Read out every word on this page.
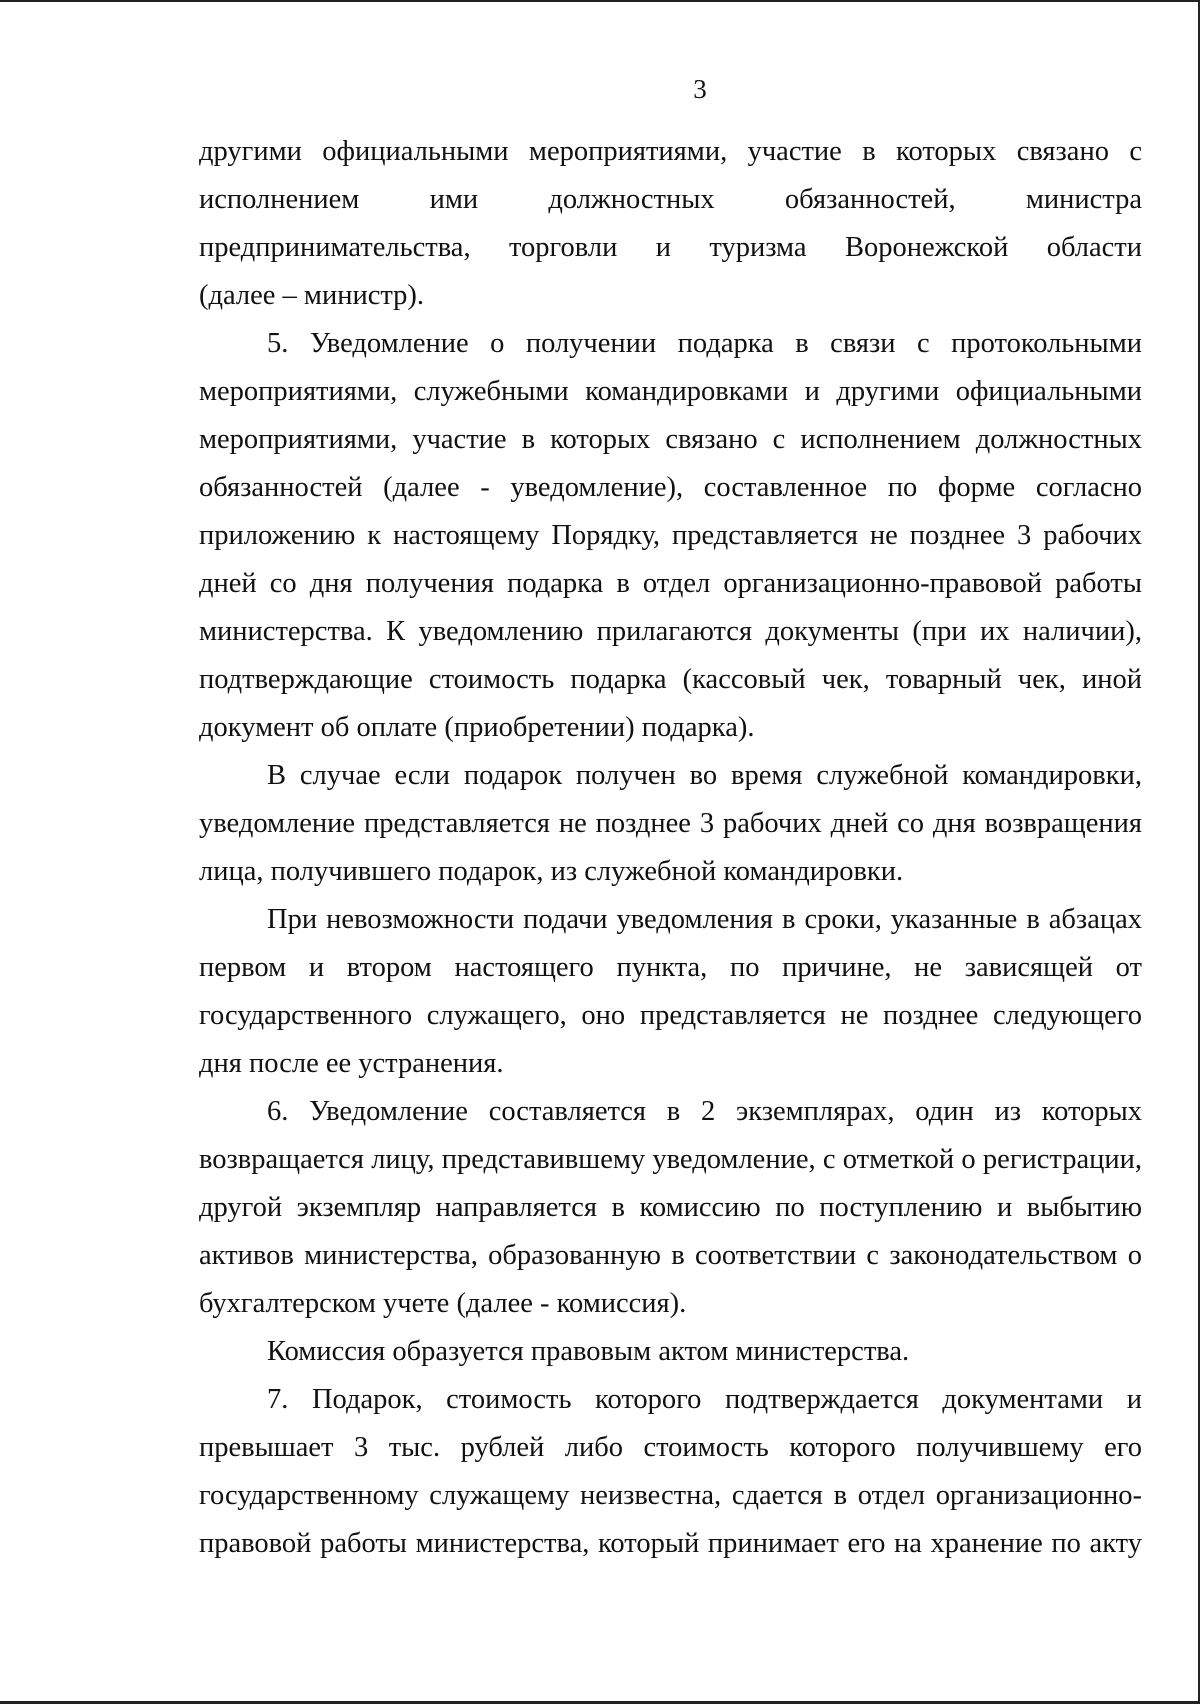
3

другими официальными мероприятиями, участие в которых связано с

исполнением ими должностных обязанностей, министра

предпринимательства, торговли и туризма Воронежской области

(далее – министр).

5. Уведомление о получении подарка в связи с протокольными

мероприятиями, служебными командировками и другими официальными

мероприятиями, участие в которых связано с исполнением должностных

обязанностей (далее - уведомление), составленное по форме согласно

приложению к настоящему Порядку, представляется не позднее 3 рабочих

дней со дня получения подарка в отдел организационно-правовой работы

министерства. К уведомлению прилагаются документы (при их наличии),

подтверждающие стоимость подарка (кассовый чек, товарный чек, иной

документ об оплате (приобретении) подарка).

В случае если подарок получен во время служебной командировки,

уведомление представляется не позднее 3 рабочих дней со дня возвращения

лица, получившего подарок, из служебной командировки.

При невозможности подачи уведомления в сроки, указанные в абзацах

первом и втором настоящего пункта, по причине, не зависящей от

государственного служащего, оно представляется не позднее следующего

дня после ее устранения.

6. Уведомление составляется в 2 экземплярах, один из которых

возвращается лицу, представившему уведомление, с отметкой о регистрации,

другой экземпляр направляется в комиссию по поступлению и выбытию

активов министерства, образованную в соответствии с законодательством о

бухгалтерском учете (далее - комиссия).

Комиссия образуется правовым актом министерства.

7. Подарок, стоимость которого подтверждается документами и

превышает 3 тыс. рублей либо стоимость которого получившему его

государственному служащему неизвестна, сдается в отдел организационно-

правовой работы министерства, который принимает его на хранение по акту
